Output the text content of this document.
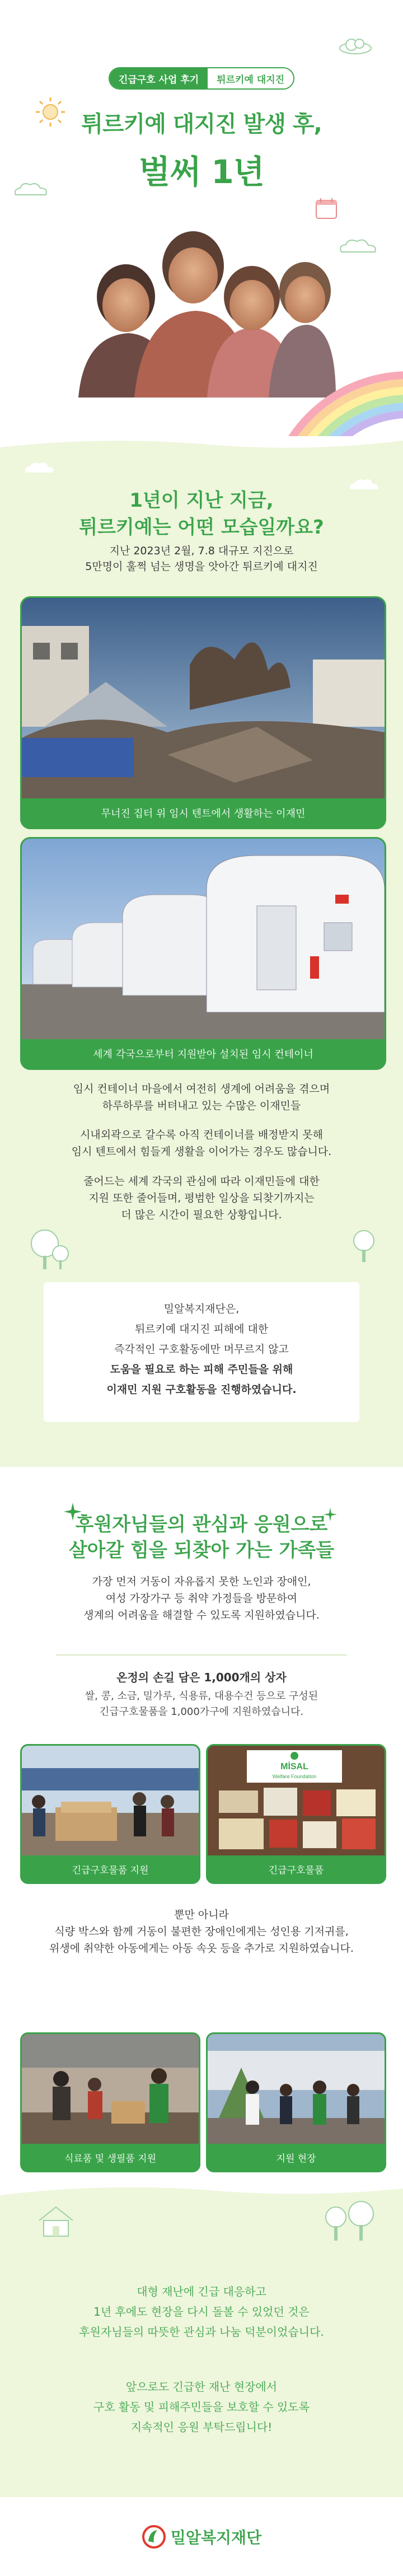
긴급구호 사업 후기	튀르키예 대지진
튀르키예 대지진 발생 후,
벌써 1년
1년이 지난 지금,
튀르키예는 어떤 모습일까요?
지난 2023년 2월, 7.8 대규모 지진으로
5만명이 훌쩍 넘는 생명을 앗아간 튀르키예 대지진
무너진 집터 위 임시 텐트에서 생활하는 이재민
세계 각국으로부터 지원받아 설치된 임시 컨테이너
임시 컨테이너 마을에서 여전히 생계에 어려움을 겪으며
하루하루를 버텨내고 있는 수많은 이재민들
시내외곽으로 갈수록 아직 컨테이너를 배정받지 못해
임시 텐트에서 힘들게 생활을 이어가는 경우도 많습니다.
줄어드는 세계 각국의 관심에 따라 이재민들에 대한
지원 또한 줄어들며, 평범한 일상을 되찾기까지는
더 많은 시간이 필요한 상황입니다.

밀알복지재단은,

튀르키예 대지진 피해에 대한

즉각적인 구호활동에만 머무르지 않고

도움을 필요로 하는 피해 주민들을 위해

이재민 지원 구호활동을 진행하였습니다.

후원자님들의 관심과 응원으로
살아갈 힘을 되찾아 가는 가족들
가장 먼저 거동이 자유롭지 못한 노인과 장애인,
여성 가장가구 등 취약 가정들을 방문하여
생계의 어려움을 해결할 수 있도록 지원하였습니다.
온정의 손길 담은 1,000개의 상자
쌀, 콩, 소금, 밀가루, 식용류, 대용수건 등으로 구성된
긴급구호물품을 1,000가구에 지원하였습니다.
긴급구호물품 지원
MİSAL
Welfare Foundation
긴급구호물품
뿐만 아니라
식량 박스와 함께 거동이 불편한 장애인에게는 성인용 기저귀를,
위생에 취약한 아동에게는 아동 속옷 등을 추가로 지원하였습니다.
식료품 및 생필품 지원	지원 현장
대형 재난에 긴급 대응하고
1년 후에도 현장을 다시 돌볼 수 있었던 것은
후원자님들의 따뜻한 관심과 나눔 덕분이었습니다.
앞으로도 긴급한 재난 현장에서
구호 활동 및 피해주민들을 보호할 수 있도록
지속적인 응원 부탁드립니다!
밀알복지재단
